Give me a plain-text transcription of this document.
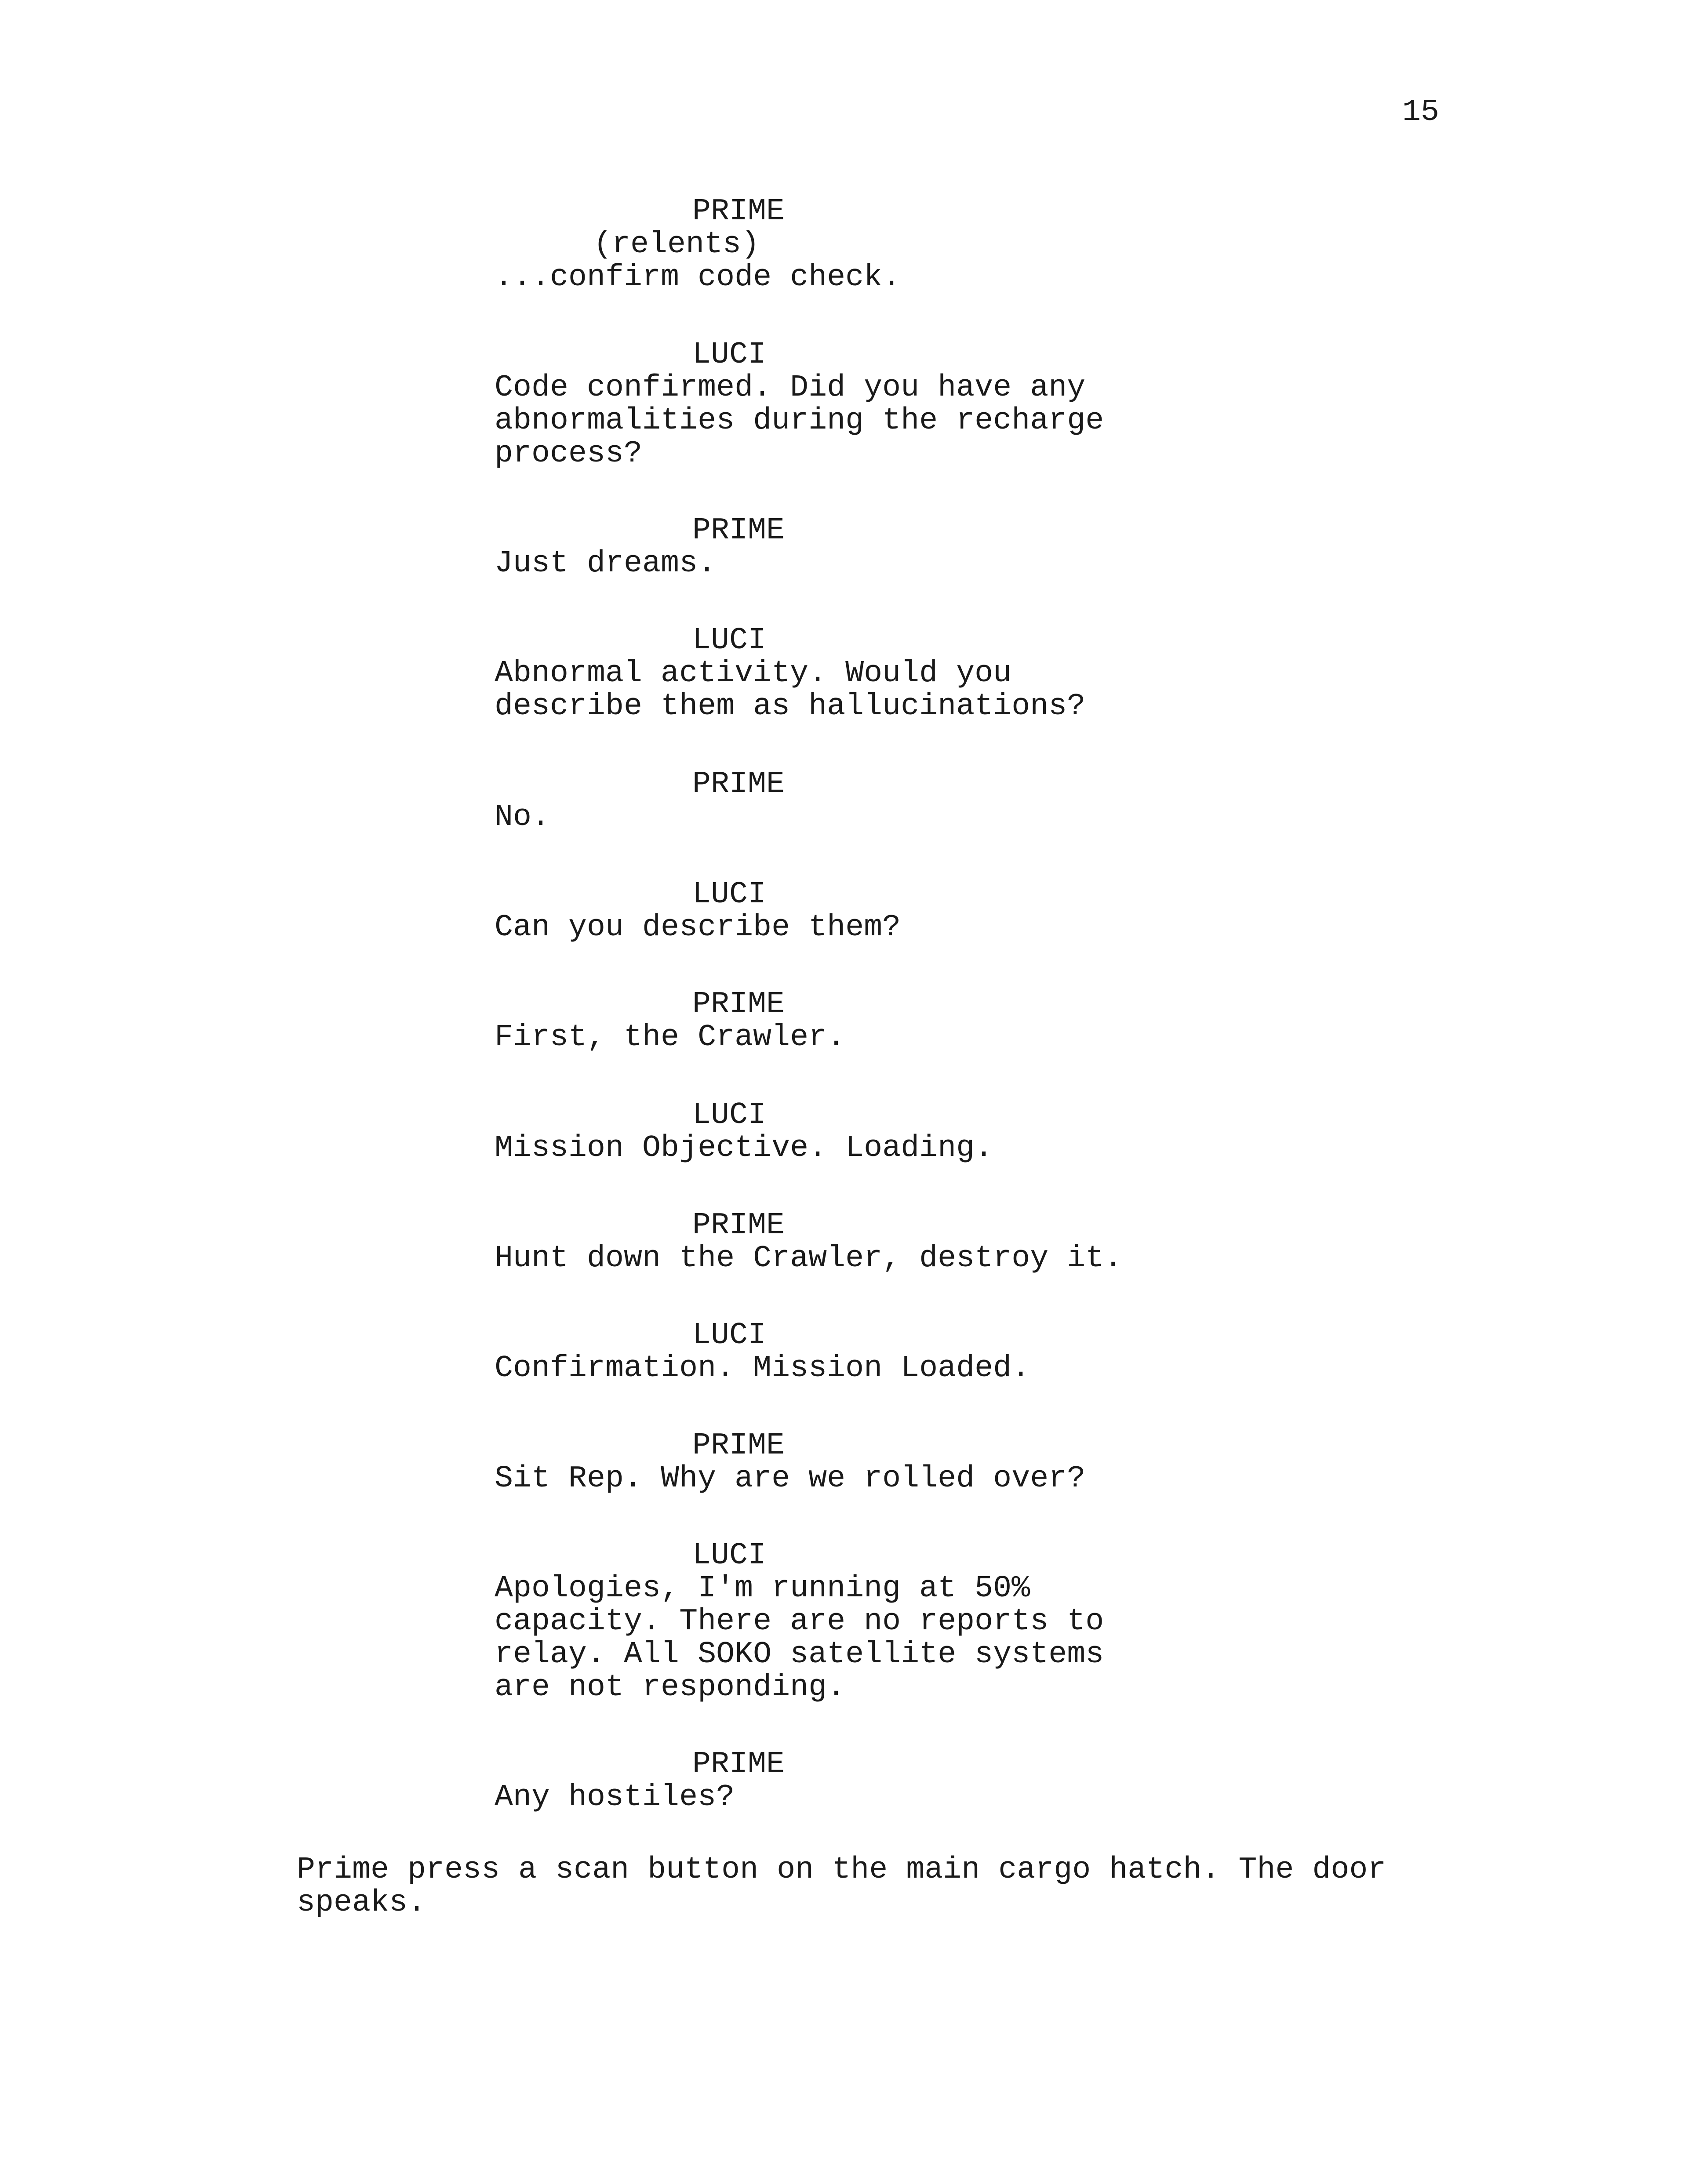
15
PRIME
(relents)
...confirm code check.
LUCI
Code confirmed. Did you have any
abnormalities during the recharge
process?
PRIME
Just dreams.
LUCI
Abnormal activity. Would you
describe them as hallucinations?
PRIME
No.
LUCI
Can you describe them?
PRIME
First, the Crawler.
LUCI
Mission Objective. Loading.
PRIME
Hunt down the Crawler, destroy it.
LUCI
Confirmation. Mission Loaded.
PRIME
Sit Rep. Why are we rolled over?
LUCI
Apologies, I'm running at 50%
capacity. There are no reports to
relay. All SOKO satellite systems
are not responding.
PRIME
Any hostiles?
Prime press a scan button on the main cargo hatch. The door
speaks.
